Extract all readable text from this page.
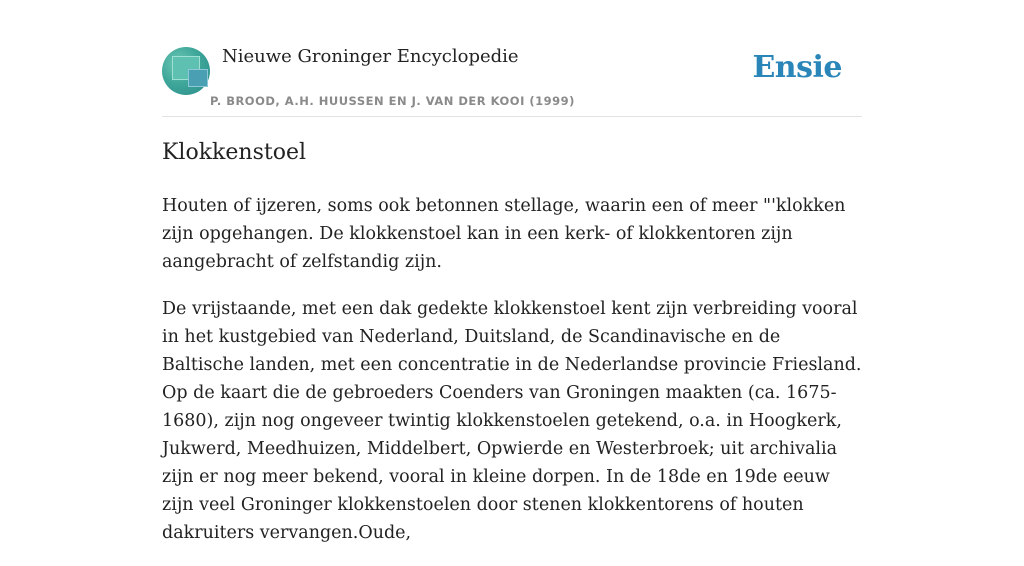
Nieuwe Groninger Encyclopedie
P. BROOD, A.H. HUUSSEN EN J. VAN DER KOOI (1999)
Ensie
Klokkenstoel

Houten of ijzeren, soms ook betonnen stellage, waarin een of meer "'klokken zijn opgehangen. De klokkenstoel kan in een kerk- of klokkentoren zijn aangebracht of zelfstandig zijn.

De vrijstaande, met een dak gedekte klokkenstoel kent zijn verbreiding vooral in het kustgebied van Nederland, Duitsland, de Scandinavische en de Baltische landen, met een concentratie in de Nederlandse provincie Friesland. Op de kaart die de gebroeders Coenders van Groningen maakten (ca. 1675-1680), zijn nog ongeveer twintig klokkenstoelen getekend, o.a. in Hoogkerk, Jukwerd, Meedhuizen, Middelbert, Opwierde en Westerbroek; uit archivalia zijn er nog meer bekend, vooral in kleine dorpen. In de 18de en 19de eeuw zijn veel Groninger klokkenstoelen door stenen klokkentorens of houten dakruiters vervangen.Oude,
